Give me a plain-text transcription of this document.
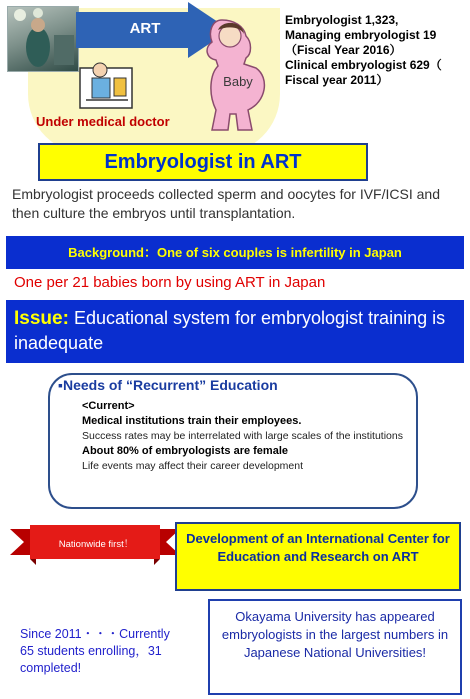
ART
Baby
Under medical doctor
Embryologist 1,323,
Managing embryologist 19
（Fiscal Year 2016）
Clinical embryologist 629（
Fiscal year 2011）
Embryologist in ART
Embryologist proceeds collected sperm and oocytes for IVF/ICSI and then culture the embryos until transplantation.
Background：One of six couples is infertility in Japan
One per 21 babies born by using ART in Japan
Issue: Educational system for embryologist training is inadequate
▪Needs of “Recurrent” Education
<Current>
Medical institutions train their employees.
Success rates may be interrelated with large scales of the institutions
About 80% of embryologists are female
Life events may affect their career development
Nationwide first！	Development of an International Center for Education and Research on ART
Since 2011・・・Currently 65 students enrolling，31 completed!
Okayama University has appeared embryologists in the largest numbers in Japanese National Universities!
